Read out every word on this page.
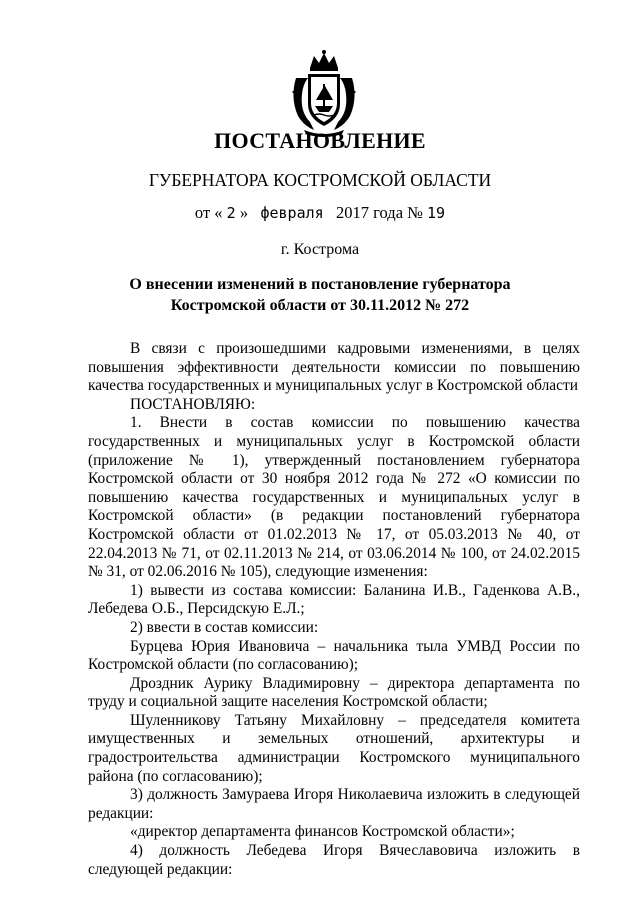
ПОСТАНОВЛЕНИЕ
ГУБЕРНАТОРА КОСТРОМСКОЙ ОБЛАСТИ
от « 2 » февраля 2017 года № 19
г. Кострома
О внесении изменений в постановление губернатора
Костромской области от 30.11.2012 № 272

В связи с произошедшими кадровыми изменениями, в целях повышения эффективности деятельности комиссии по повышению качества государственных и муниципальных услуг в Костромской области

ПОСТАНОВЛЯЮ:

1. Внести в состав комиссии по повышению качества государственных и муниципальных услуг в Костромской области (приложение № 1), утвержденный постановлением губернатора Костромской области от 30 ноября 2012 года № 272 «О комиссии по повышению качества государственных и муниципальных услуг в Костромской области» (в редакции постановлений губернатора Костромской области от 01.02.2013 № 17, от 05.03.2013 № 40, от 22.04.2013 № 71, от 02.11.2013 № 214, от 03.06.2014 № 100, от 24.02.2015 № 31, от 02.06.2016 № 105), следующие изменения:

1) вывести из состава комиссии: Баланина И.В., Гаденкова А.В., Лебедева О.Б., Персидскую Е.Л.;

2) ввести в состав комиссии:

Бурцева Юрия Ивановича – начальника тыла УМВД России по Костромской области (по согласованию);

Дроздник Аурику Владимировну – директора департамента по труду и социальной защите населения Костромской области;

Шуленникову Татьяну Михайловну – председателя комитета имущественных и земельных отношений, архитектуры и градостроительства администрации Костромского муниципального района (по согласованию);

3) должность Замураева Игоря Николаевича изложить в следующей редакции:

«директор департамента финансов Костромской области»;

4) должность Лебедева Игоря Вячеславовича изложить в следующей редакции:
